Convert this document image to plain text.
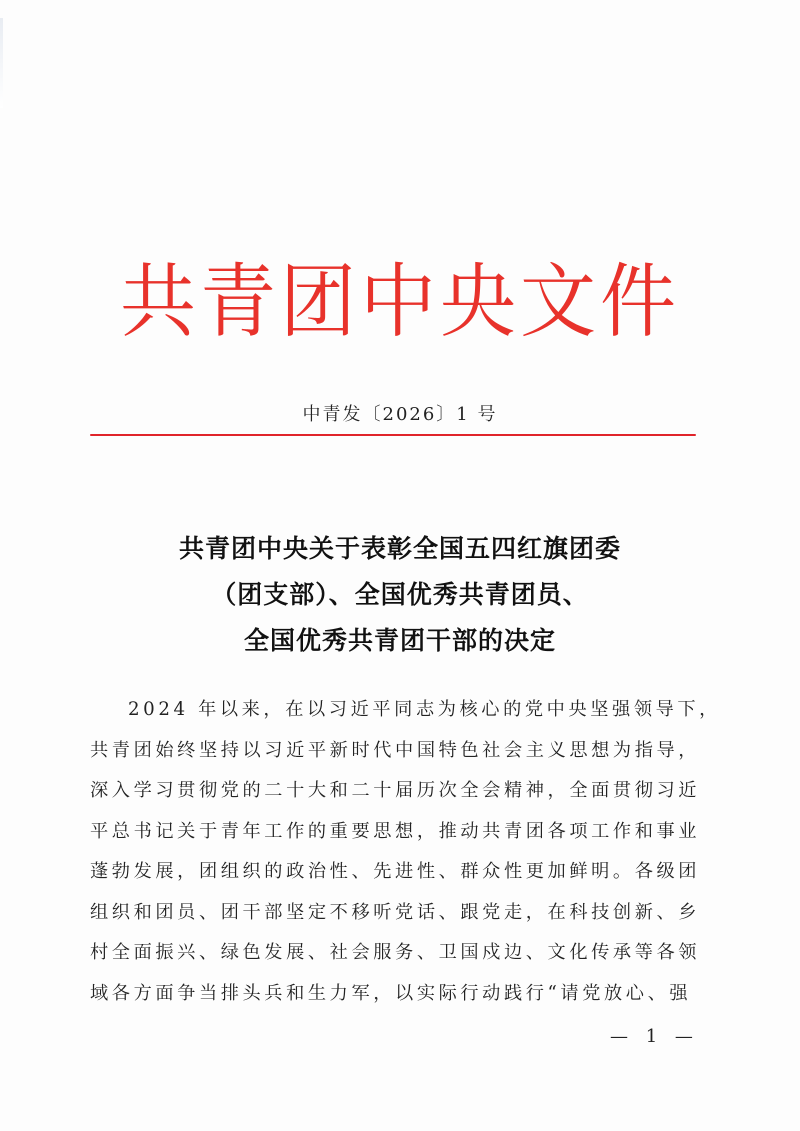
共青团中央文件
中青发〔2026〕1 号
共青团中央关于表彰全国五四红旗团委
（团支部）、全国优秀共青团员、
全国优秀共青团干部的决定
2024 年以来，在以习近平同志为核心的党中央坚强领导下，
共青团始终坚持以习近平新时代中国特色社会主义思想为指导，
深入学习贯彻党的二十大和二十届历次全会精神，全面贯彻习近
平总书记关于青年工作的重要思想，推动共青团各项工作和事业
蓬勃发展，团组织的政治性、先进性、群众性更加鲜明。各级团
组织和团员、团干部坚定不移听党话、跟党走，在科技创新、乡
村全面振兴、绿色发展、社会服务、卫国戍边、文化传承等各领
域各方面争当排头兵和生力军，以实际行动践行“请党放心、强
— 1 —
